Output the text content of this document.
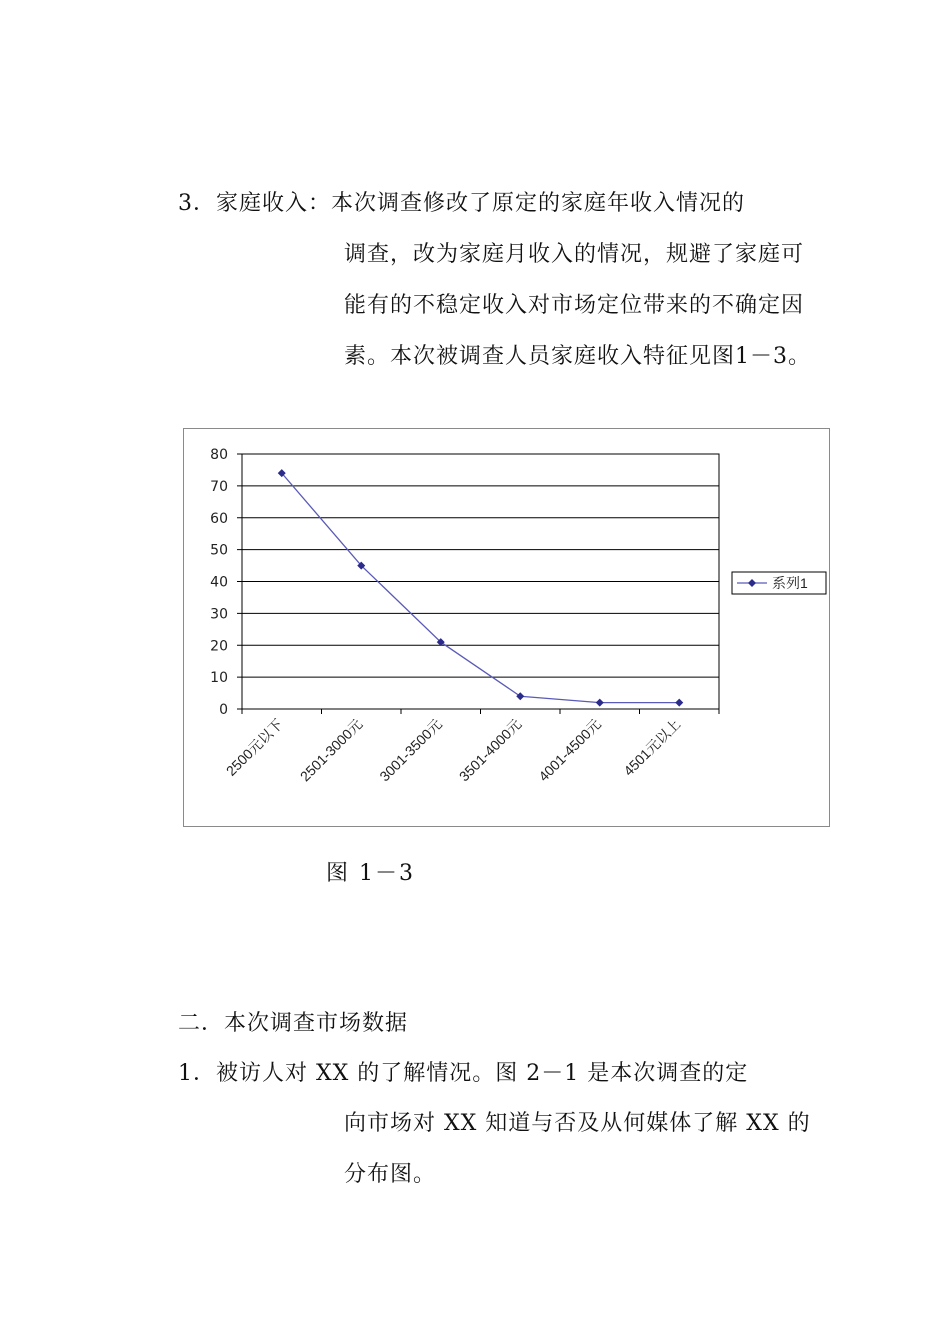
3．家庭收入：本次调查修改了原定的家庭年收入情况的
调查，改为家庭月收入的情况，规避了家庭可能有的不稳定收入对市场定位带来的不确定因素。本次被调查人员家庭收入特征见图1－3。
0
10
20
30
40
50
60
70
80
2500元以下 2501-3000元 3001-3500元 3501-4000元 4001-4500元 4501元以上
系列1
图 1－3
二．本次调查市场数据
1．被访人对 XX 的了解情况。图 2－1 是本次调查的定
向市场对 XX 知道与否及从何媒体了解 XX 的分布图。
